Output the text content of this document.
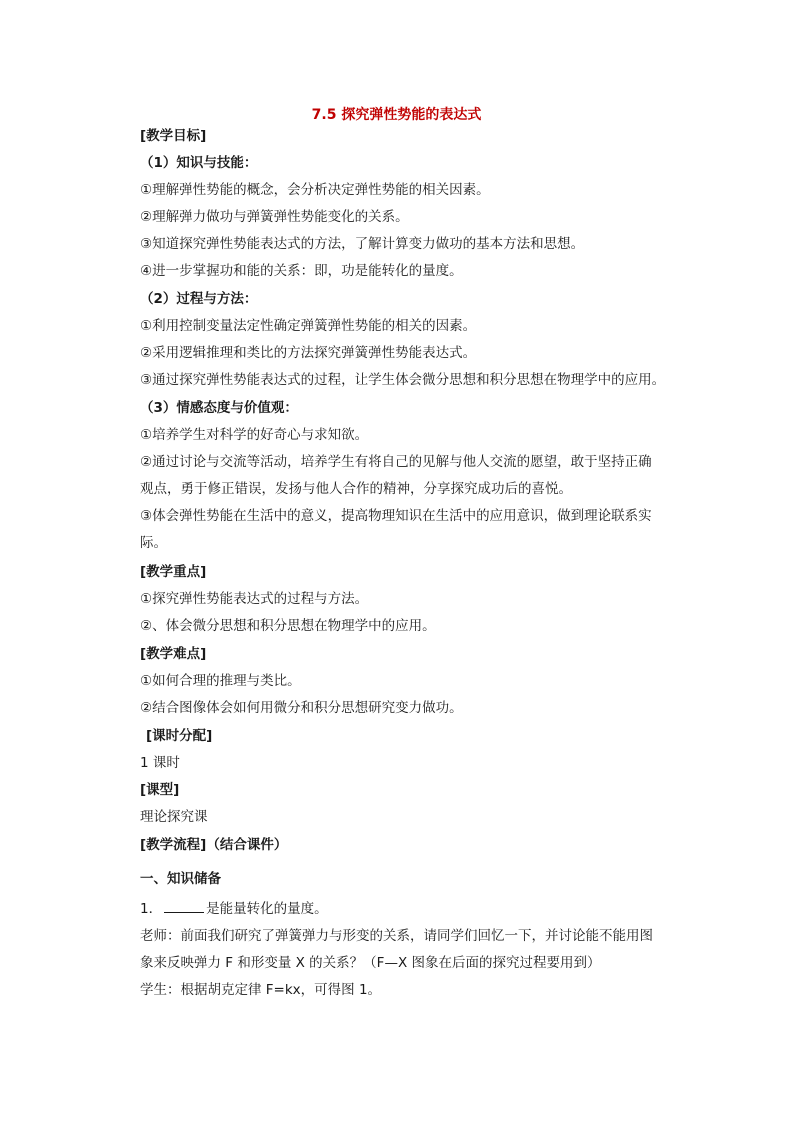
7.5 探究弹性势能的表达式
[教学目标]
（1）知识与技能：
①理解弹性势能的概念，会分析决定弹性势能的相关因素。
②理解弹力做功与弹簧弹性势能变化的关系。
③知道探究弹性势能表达式的方法，了解计算变力做功的基本方法和思想。
④进一步掌握功和能的关系：即，功是能转化的量度。
（2）过程与方法：
①利用控制变量法定性确定弹簧弹性势能的相关的因素。
②采用逻辑推理和类比的方法探究弹簧弹性势能表达式。
③通过探究弹性势能表达式的过程，让学生体会微分思想和积分思想在物理学中的应用。
（3）情感态度与价值观：
①培养学生对科学的好奇心与求知欲。
②通过讨论与交流等活动，培养学生有将自己的见解与他人交流的愿望，敢于坚持正确
观点，勇于修正错误，发扬与他人合作的精神，分享探究成功后的喜悦。
③体会弹性势能在生活中的意义，提高物理知识在生活中的应用意识，做到理论联系实
际。
[教学重点]
①探究弹性势能表达式的过程与方法。
②、体会微分思想和积分思想在物理学中的应用。
[教学难点]
①如何合理的推理与类比。
②结合图像体会如何用微分和积分思想研究变力做功。
[课时分配]
1 课时
[课型]
理论探究课
[教学流程]（结合课件）
一、知识储备
1．	是能量转化的量度。
老师：前面我们研究了弹簧弹力与形变的关系，请同学们回忆一下，并讨论能不能用图
象来反映弹力 F 和形变量 X 的关系？（F—X 图象在后面的探究过程要用到）
学生：根据胡克定律 F=kx，可得图 1。
